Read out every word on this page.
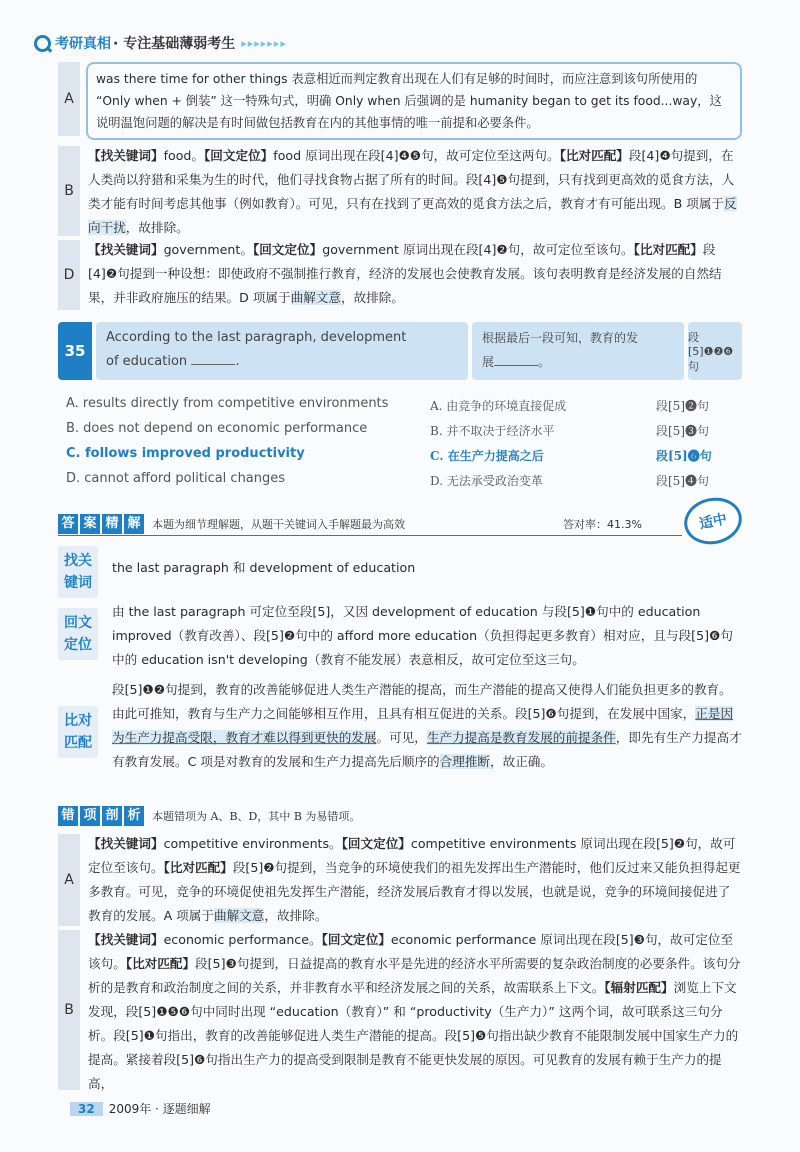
考研真相 · 专注基础薄弱考生 ▸▸▸▸▸▸▸
A
was there time for other things 表意相近而判定教育出现在人们有足够的时间时，而应注意到该句所使用的 “Only when + 倒装” 这一特殊句式，明确 Only when 后强调的是 humanity began to get its food...way，这说明温饱问题的解决是有时间做包括教育在内的其他事情的唯一前提和必要条件。
B
【找关键词】food。【回文定位】food 原词出现在段[4]❹❺句，故可定位至这两句。【比对匹配】段[4]❹句提到，在人类尚以狩猎和采集为生的时代，他们寻找食物占据了所有的时间。段[4]❺句提到，只有找到更高效的觅食方法，人类才能有时间考虑其他事（例如教育）。可见，只有在找到了更高效的觅食方法之后，教育才有可能出现。B 项属于反向干扰，故排除。
D
【找关键词】government。【回文定位】government 原词出现在段[4]❷句，故可定位至该句。【比对匹配】段[4]❷句提到一种设想：即使政府不强制推行教育，经济的发展也会使教育发展。该句表明教育是经济发展的自然结果，并非政府施压的结果。D 项属于曲解文意，故排除。
35
According to the last paragraph, development
of education	.
根据最后一段可知，教育的发
展	。
段[5]❶❷❻句
A. results directly from competitive environments	A. 由竞争的环境直接促成	段[5]❷句
B. does not depend on economic performance	B. 并不取决于经济水平	段[5]❸句
C. follows improved productivity	C. 在生产力提高之后	段[5]❻句
D. cannot afford political changes	D. 无法承受政治变革	段[5]❹句
答 案 精 解	本题为细节理解题，从题干关键词入手解题最为高效	答对率：41.3%	适中
找关键词
the last paragraph 和 development of education
回文定位
由 the last paragraph 可定位至段[5]，又因 development of education 与段[5]❶句中的 education improved（教育改善）、段[5]❷句中的 afford more education（负担得起更多教育）相对应，且与段[5]❻句中的 education isn't developing（教育不能发展）表意相反，故可定位至这三句。
比对匹配
段[5]❶❷句提到，教育的改善能够促进人类生产潜能的提高，而生产潜能的提高又使得人们能负担更多的教育。由此可推知，教育与生产力之间能够相互作用，且具有相互促进的关系。段[5]❻句提到，在发展中国家，正是因为生产力提高受限，教育才难以得到更快的发展。可见，生产力提高是教育发展的前提条件，即先有生产力提高才有教育发展。C 项是对教育的发展和生产力提高先后顺序的合理推断，故正确。
错 项 剖 析	本题错项为 A、B、D，其中 B 为易错项。
A
【找关键词】competitive environments。【回文定位】competitive environments 原词出现在段[5]❷句，故可定位至该句。【比对匹配】段[5]❷句提到，当竞争的环境使我们的祖先发挥出生产潜能时，他们反过来又能负担得起更多教育。可见，竞争的环境促使祖先发挥生产潜能，经济发展后教育才得以发展，也就是说，竞争的环境间接促进了教育的发展。A 项属于曲解文意，故排除。
B
【找关键词】economic performance。【回文定位】economic performance 原词出现在段[5]❸句，故可定位至该句。【比对匹配】段[5]❸句提到，日益提高的教育水平是先进的经济水平所需要的复杂政治制度的必要条件。该句分析的是教育和政治制度之间的关系，并非教育水平和经济发展之间的关系，故需联系上下文。【辐射匹配】浏览上下文发现，段[5]❶❺❻句中同时出现 “education（教育）” 和 “productivity（生产力）” 这两个词，故可联系这三句分析。段[5]❶句指出，教育的改善能够促进人类生产潜能的提高。段[5]❺句指出缺少教育不能限制发展中国家生产力的提高。紧接着段[5]❻句指出生产力的提高受到限制是教育不能更快发展的原因。可见教育的发展有赖于生产力的提高，
32	2009年 · 逐题细解
